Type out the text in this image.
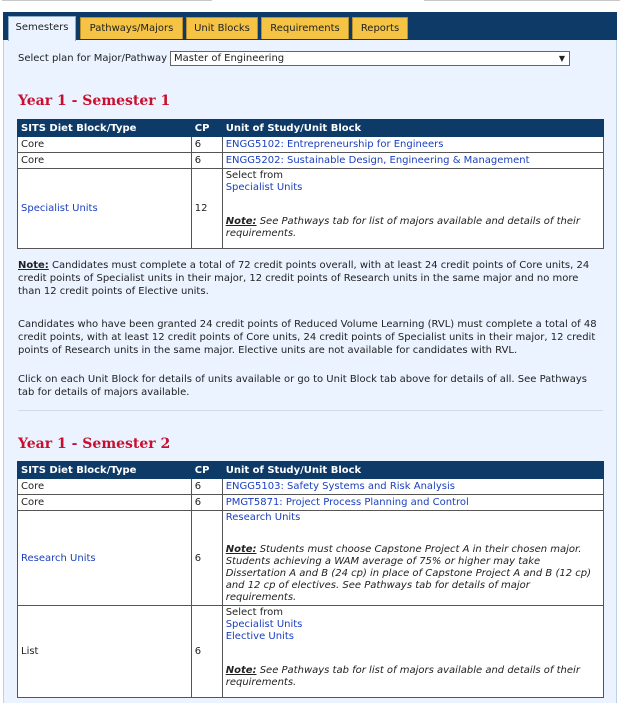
Semesters	Pathways/Majors	Unit Blocks	Requirements	Reports
Select plan for Major/Pathway Master of Engineering	▼
Year 1 - Semester 1
SITS Diet Block/Type	CP	Unit of Study/Unit Block
Core	6	ENGG5102: Entrepreneurship for Engineers
Core	6	ENGG5202: Sustainable Design, Engineering & Management
Specialist Units	12	Select from
Specialist Units
Note: See Pathways tab for list of majors available and details of their requirements.
Note: Candidates must complete a total of 72 credit points overall, with at least 24 credit points of Core units, 24 credit points of Specialist units in their major, 12 credit points of Research units in the same major and no more than 12 credit points of Elective units.
Candidates who have been granted 24 credit points of Reduced Volume Learning (RVL) must complete a total of 48 credit points, with at least 12 credit points of Core units, 24 credit points of Specialist units in their major, 12 credit points of Research units in the same major. Elective units are not available for candidates with RVL.
Click on each Unit Block for details of units available or go to Unit Block tab above for details of all. See Pathways tab for details of majors available.
Year 1 - Semester 2
SITS Diet Block/Type	CP	Unit of Study/Unit Block
Core	6	ENGG5103: Safety Systems and Risk Analysis
Core	6	PMGT5871: Project Process Planning and Control
Research Units	6	Research Units
Note: Students must choose Capstone Project A in their chosen major. Students achieving a WAM average of 75% or higher may take Dissertation A and B (24 cp) in place of Capstone Project A and B (12 cp) and 12 cp of electives. See Pathways tab for details of major requirements.

List	6	Select from
Specialist Units
Elective Units
Note: See Pathways tab for list of majors available and details of their requirements.
